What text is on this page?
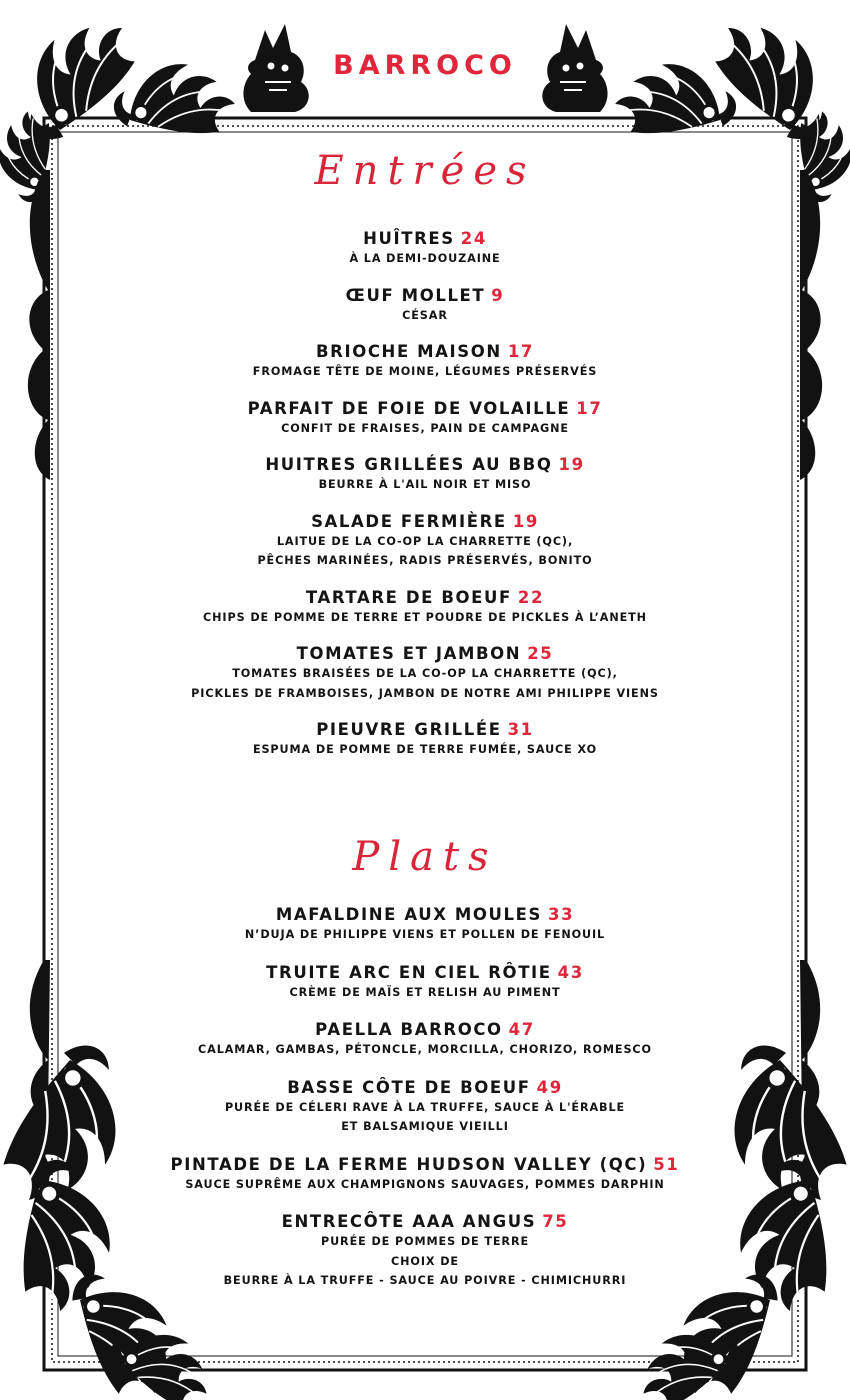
BARROCO
Entrées
HUÎTRES 24
À LA DEMI-DOUZAINE
ŒUF MOLLET 9
CÉSAR
BRIOCHE MAISON 17
FROMAGE TÊTE DE MOINE, LÉGUMES PRÉSERVÉS
PARFAIT DE FOIE DE VOLAILLE 17
CONFIT DE FRAISES, PAIN DE CAMPAGNE
HUITRES GRILLÉES AU BBQ 19
BEURRE À L'AIL NOIR ET MISO
SALADE FERMIÈRE 19
LAITUE DE LA CO-OP LA CHARRETTE (QC),
PÊCHES MARINÉES, RADIS PRÉSERVÉS, BONITO
TARTARE DE BOEUF 22
CHIPS DE POMME DE TERRE ET POUDRE DE PICKLES À L’ANETH
TOMATES ET JAMBON 25
TOMATES BRAISÉES DE LA CO-OP LA CHARRETTE (QC),
PICKLES DE FRAMBOISES, JAMBON DE NOTRE AMI PHILIPPE VIENS
PIEUVRE GRILLÉE 31
ESPUMA DE POMME DE TERRE FUMÉE, SAUCE XO
Plats
MAFALDINE AUX MOULES 33
N’DUJA DE PHILIPPE VIENS ET POLLEN DE FENOUIL
TRUITE ARC EN CIEL RÔTIE 43
CRÈME DE MAÏS ET RELISH AU PIMENT
PAELLA BARROCO 47
CALAMAR, GAMBAS, PÉTONCLE, MORCILLA, CHORIZO, ROMESCO
BASSE CÔTE DE BOEUF 49
PURÉE DE CÉLERI RAVE À LA TRUFFE, SAUCE À L'ÉRABLE
ET BALSAMIQUE VIEILLI
PINTADE DE LA FERME HUDSON VALLEY (QC) 51
SAUCE SUPRÊME AUX CHAMPIGNONS SAUVAGES, POMMES DARPHIN
ENTRECÔTE AAA ANGUS 75
PURÉE DE POMMES DE TERRE
CHOIX DE
BEURRE À LA TRUFFE - SAUCE AU POIVRE - CHIMICHURRI
